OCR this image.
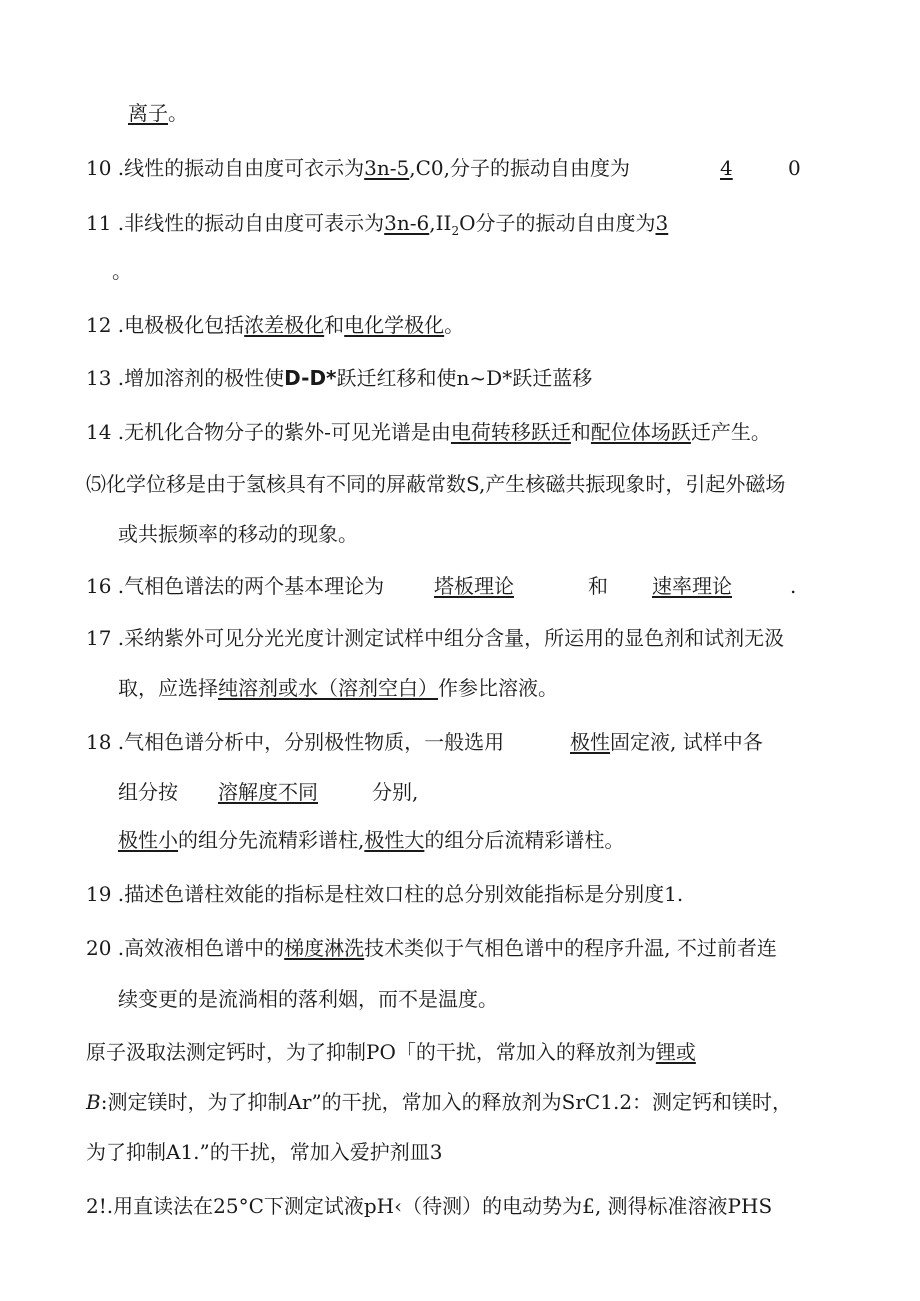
离子。
10 .线性的振动自由度可衣示为3n-5,C0,分子的振动自由度为	4	0
11 .非线性的振动自由度可表示为$3n-6,II_2O$分子的振动自由度为3
。
12 .电极极化包括浓差极化和电化学极化。
13 .增加溶剂的极性使D-D*跃迁红移和使n~D*跃迁蓝移
14 .无机化合物分子的紫外-可见光谱是由电荷转移跃迁和配位体场跃迁产生。
⑸化学位移是由于氢核具有不同的屏蔽常数S,产生核磁共振现象时，引起外磁场
或共振频率的移动的现象。
16 .气相色谱法的两个基本理论为 塔板理论	和 速率理论	.
17 .采纳紫外可见分光光度计测定试样中组分含量，所运用的显色剂和试剂无汲
取，应选择纯溶剂或水（溶剂空白）作参比溶液。
18 .气相色谱分析中，分别极性物质，一般选用	极性固定液, 试样中各
组分按 溶解度不同	分别,
极性小的组分先流精彩谱柱,极性大的组分后流精彩谱柱。
19 .描述色谱柱效能的指标是柱效口柱的总分别效能指标是分别度1.
20 .高效液相色谱中的梯度淋洗技术类似于气相色谱中的程序升温, 不过前者连
续变更的是流淌相的落利姻，而不是温度。
原子汲取法测定钙时，为了抑制PO「的干扰，常加入的释放剂为锂或
B:测定镁时，为了抑制Ar”的干扰，常加入的释放剂为SrC1.2：测定钙和镁时，
为了抑制A1.”的干扰，常加入爱护剂皿3
2!.用直读法在25°C下测定试液pH‹（待测）的电动势为£, 测得标准溶液PHS
